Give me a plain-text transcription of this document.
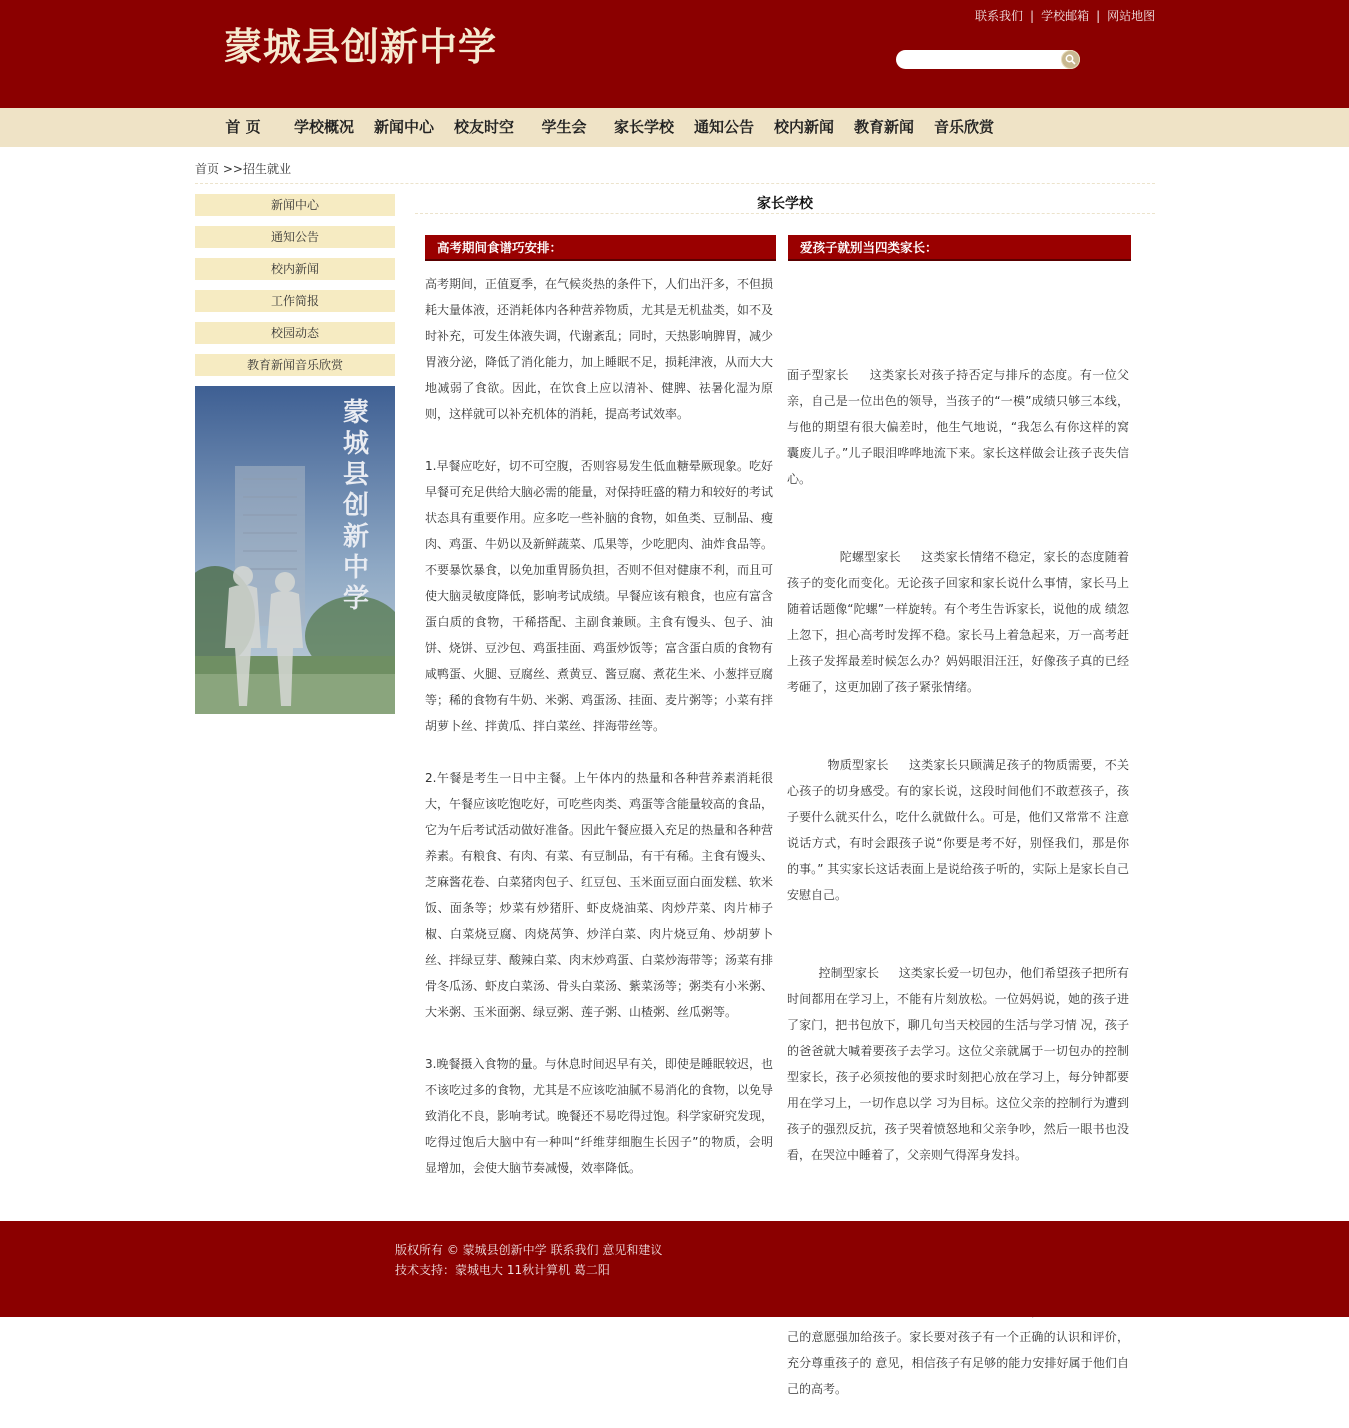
蒙城县创新中学
联系我们 | 学校邮箱 | 网站地图
首 页	学校概况	新闻中心	校友时空	学生会	家长学校	通知公告	校内新闻	教育新闻	音乐欣赏
首页 >>招生就业
新闻中心
通知公告
校内新闻
工作简报
校园动态
教育新闻音乐欣赏
蒙城县创新中学
家长学校
高考期间食谱巧安排：	爱孩子就别当四类家长：

高考期间，正值夏季，在气候炎热的条件下，人们出汗多，不但损耗大量体液，还消耗体内各种营养物质，尤其是无机盐类，如不及时补充，可发生体液失调，代谢紊乱；同时，天热影响脾胃，减少胃液分泌，降低了消化能力，加上睡眠不足，损耗津液，从而大大地减弱了食欲。因此，在饮食上应以清补、健脾、祛暑化湿为原则，这样就可以补充机体的消耗，提高考试效率。

1.早餐应吃好，切不可空腹，否则容易发生低血糖晕厥现象。吃好早餐可充足供给大脑必需的能量，对保持旺盛的精力和较好的考试状态具有重要作用。应多吃一些补脑的食物，如鱼类、豆制品、瘦肉、鸡蛋、牛奶以及新鲜蔬菜、瓜果等，少吃肥肉、油炸食品等。不要暴饮暴食，以免加重胃肠负担，否则不但对健康不利，而且可使大脑灵敏度降低，影响考试成绩。早餐应该有粮食，也应有富含蛋白质的食物，干稀搭配、主副食兼顾。主食有馒头、包子、油饼、烧饼、豆沙包、鸡蛋挂面、鸡蛋炒饭等；富含蛋白质的食物有咸鸭蛋、火腿、豆腐丝、煮黄豆、酱豆腐、煮花生米、小葱拌豆腐等；稀的食物有牛奶、米粥、鸡蛋汤、挂面、麦片粥等；小菜有拌胡萝卜丝、拌黄瓜、拌白菜丝、拌海带丝等。

2.午餐是考生一日中主餐。上午体内的热量和各种营养素消耗很大，午餐应该吃饱吃好，可吃些肉类、鸡蛋等含能量较高的食品，它为午后考试活动做好准备。因此午餐应摄入充足的热量和各种营养素。有粮食、有肉、有菜、有豆制品，有干有稀。主食有馒头、芝麻酱花卷、白菜猪肉包子、红豆包、玉米面豆面白面发糕、软米饭、面条等；炒菜有炒猪肝、虾皮烧油菜、肉炒芹菜、肉片柿子椒、白菜烧豆腐、肉烧莴笋、炒洋白菜、肉片烧豆角、炒胡萝卜丝、拌绿豆芽、酸辣白菜、肉末炒鸡蛋、白菜炒海带等；汤菜有排骨冬瓜汤、虾皮白菜汤、骨头白菜汤、紫菜汤等；粥类有小米粥、大米粥、玉米面粥、绿豆粥、莲子粥、山楂粥、丝瓜粥等。

3.晚餐摄入食物的量。与休息时间迟早有关，即使是睡眠较迟，也不该吃过多的食物，尤其是不应该吃油腻不易消化的食物，以免导致消化不良，影响考试。晚餐还不易吃得过饱。科学家研究发现，吃得过饱后大脑中有一种叫“纤维芽细胞生长因子”的物质，会明显增加，会使大脑节奏减慢，效率降低。

面子型家长     这类家长对孩子持否定与排斥的态度。有一位父亲，自己是一位出色的领导，当孩子的“一模”成绩只够三本线，与他的期望有很大偏差时，他生气地说，“我怎么有你这样的窝囊废儿子。”儿子眼泪哗哗地流下来。家长这样做会让孩子丧失信心。

陀螺型家长     这类家长情绪不稳定，家长的态度随着孩子的变化而变化。无论孩子回家和家长说什么事情，家长马上随着话题像“陀螺”一样旋转。有个考生告诉家长，说他的成 绩忽上忽下，担心高考时发挥不稳。家长马上着急起来，万一高考赶上孩子发挥最差时候怎么办？妈妈眼泪汪汪，好像孩子真的已经考砸了，这更加剧了孩子紧张情绪。

物质型家长     这类家长只顾满足孩子的物质需要，不关心孩子的切身感受。有的家长说，这段时间他们不敢惹孩子，孩子要什么就买什么，吃什么就做什么。可是，他们又常常不 注意说话方式，有时会跟孩子说“你要是考不好，别怪我们，那是你的事。” 其实家长这话表面上是说给孩子听的，实际上是家长自己安慰自己。

控制型家长     这类家长爱一切包办，他们希望孩子把所有时间都用在学习上，不能有片刻放松。一位妈妈说，她的孩子进了家门，把书包放下，聊几句当天校园的生活与学习情 况，孩子的爸爸就大喊着要孩子去学习。这位父亲就属于一切包办的控制型家长，孩子必须按他的要求时刻把心放在学习上，每分钟都要用在学习上，一切作息以学 习为目标。这位父亲的控制行为遭到孩子的强烈反抗，孩子哭着愤怒地和父亲争吵，然后一眼书也没看，在哭泣中睡着了，父亲则气得浑身发抖。

己的意愿强加给孩子。家长要对孩子有一个正确的认识和评价，充分尊重孩子的 意见，相信孩子有足够的能力安排好属于他们自己的高考。

版权所有 © 蒙城县创新中学 联系我们 意见和建议
技术支持：蒙城电大 11秋计算机 葛二阳
